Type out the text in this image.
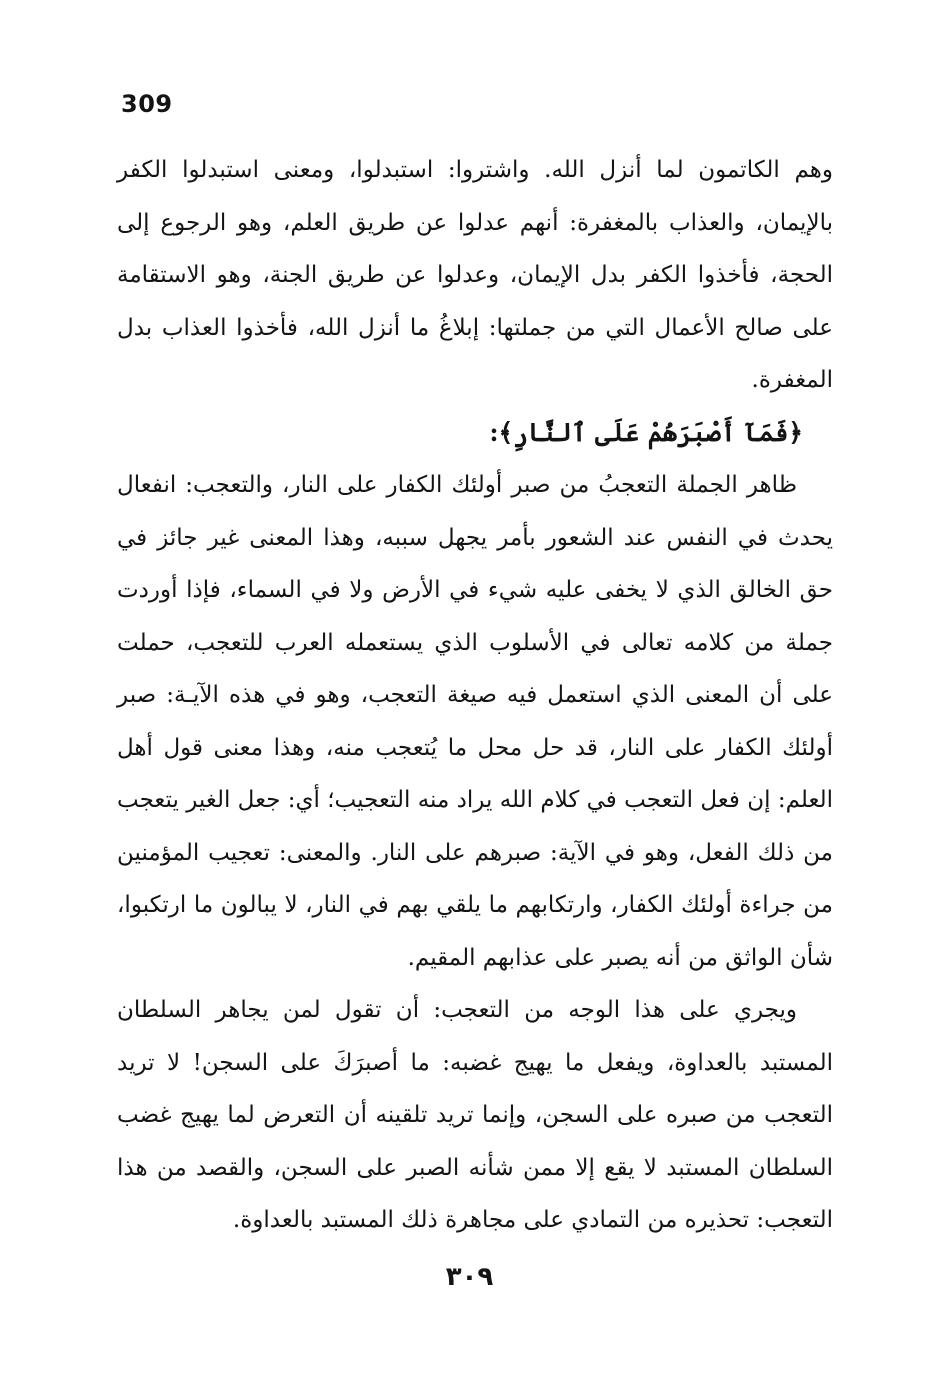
309

وهم الكاتمون لما أنزل الله. واشتروا: استبدلوا، ومعنى استبدلوا الكفر بالإيمان، والعذاب بالمغفرة: أنهم عدلوا عن طريق العلم، وهو الرجوع إلى الحجة، فأخذوا الكفر بدل الإيمان، وعدلوا عن طريق الجنة، وهو الاستقامة على صالح الأعمال التي من جملتها: إبلاغُ ما أنزل الله، فأخذوا العذاب بدل المغفرة.

﴿فَمَآ أَصْبَرَهُمْ عَلَى ٱلنَّارِ﴾:

ظاهر الجملة التعجبُ من صبر أولئك الكفار على النار، والتعجب: انفعال يحدث في النفس عند الشعور بأمر يجهل سببه، وهذا المعنى غير جائز في حق الخالق الذي لا يخفى عليه شيء في الأرض ولا في السماء، فإذا أوردت جملة من كلامه تعالى في الأسلوب الذي يستعمله العرب للتعجب، حملت على أن المعنى الذي استعمل فيه صيغة التعجب، وهو في هذه الآيـة: صبر أولئك الكفار على النار، قد حل محل ما يُتعجب منه، وهذا معنى قول أهل العلم: إن فعل التعجب في كلام الله يراد منه التعجيب؛ أي: جعل الغير يتعجب من ذلك الفعل، وهو في الآية: صبرهم على النار. والمعنى: تعجيب المؤمنين من جراءة أولئك الكفار، وارتكابهم ما يلقي بهم في النار، لا يبالون ما ارتكبوا، شأن الواثق من أنه يصبر على عذابهم المقيم.

ويجري على هذا الوجه من التعجب: أن تقول لمن يجاهر السلطان المستبد بالعداوة، ويفعل ما يهيج غضبه: ما أصبرَكَ على السجن! لا تريد التعجب من صبره على السجن، وإنما تريد تلقينه أن التعرض لما يهيج غضب السلطان المستبد لا يقع إلا ممن شأنه الصبر على السجن، والقصد من هذا التعجب: تحذيره من التمادي على مجاهرة ذلك المستبد بالعداوة.

٣٠٩
